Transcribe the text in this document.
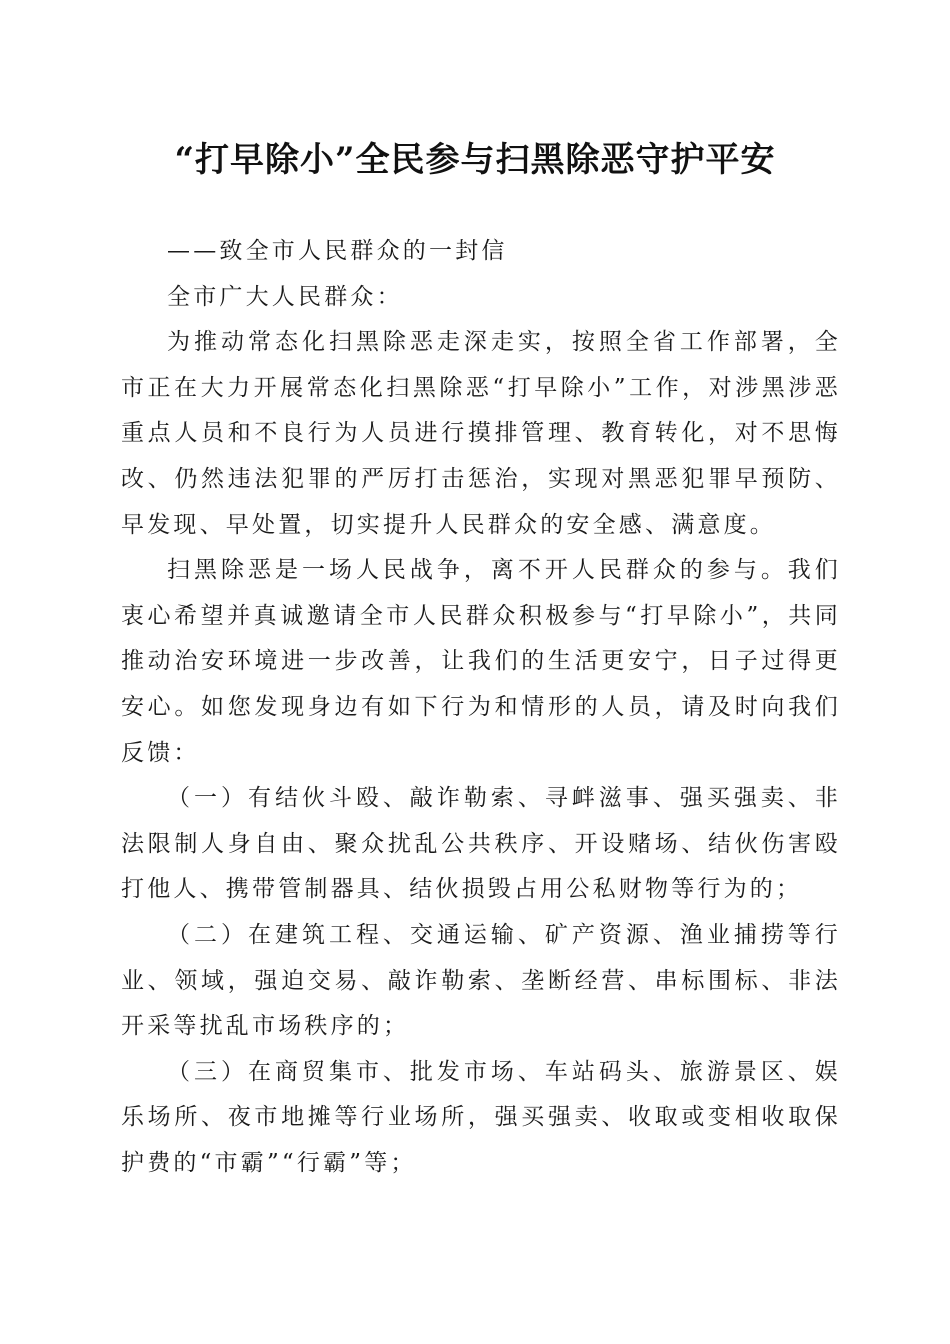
“打早除小”全民参与扫黑除恶守护平安

——致全市人民群众的一封信

全市广大人民群众：

为推动常态化扫黑除恶走深走实，按照全省工作部署，全市正在大力开展常态化扫黑除恶“打早除小”工作，对涉黑涉恶重点人员和不良行为人员进行摸排管理、教育转化，对不思悔改、仍然违法犯罪的严厉打击惩治，实现对黑恶犯罪早预防、早发现、早处置，切实提升人民群众的安全感、满意度。

扫黑除恶是一场人民战争，离不开人民群众的参与。我们衷心希望并真诚邀请全市人民群众积极参与“打早除小”，共同推动治安环境进一步改善，让我们的生活更安宁，日子过得更安心。如您发现身边有如下行为和情形的人员，请及时向我们反馈：

（一）有结伙斗殴、敲诈勒索、寻衅滋事、强买强卖、非法限制人身自由、聚众扰乱公共秩序、开设赌场、结伙伤害殴打他人、携带管制器具、结伙损毁占用公私财物等行为的；

（二）在建筑工程、交通运输、矿产资源、渔业捕捞等行业、领域，强迫交易、敲诈勒索、垄断经营、串标围标、非法开采等扰乱市场秩序的；

（三）在商贸集市、批发市场、车站码头、旅游景区、娱乐场所、夜市地摊等行业场所，强买强卖、收取或变相收取保护费的“市霸”“行霸”等；
